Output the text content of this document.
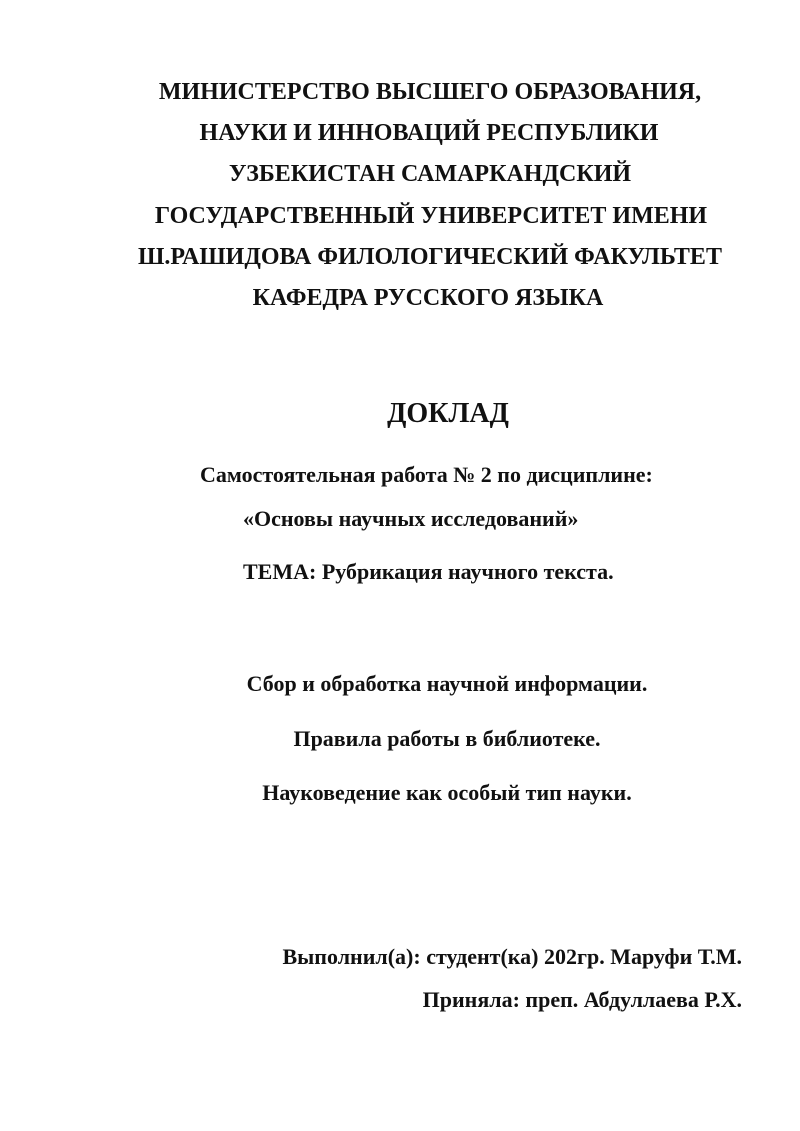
МИНИСТЕРСТВО ВЫСШЕГО ОБРАЗОВАНИЯ,
НАУКИ И ИННОВАЦИЙ РЕСПУБЛИКИ
УЗБЕКИСТАН САМАРКАНДСКИЙ
ГОСУДАРСТВЕННЫЙ УНИВЕРСИТЕТ ИМЕНИ
Ш.РАШИДОВА ФИЛОЛОГИЧЕСКИЙ ФАКУЛЬТЕТ
КАФЕДРА РУССКОГО ЯЗЫКА
ДОКЛАД
Самостоятельная работа № 2 по дисциплине:
«Основы научных исследований»
ТЕМА: Рубрикация научного текста.
Сбор и обработка научной информации.
Правила работы в библиотеке.
Науковедение как особый тип науки.
Выполнил(а): студент(ка) 202гр. Маруфи Т.М.
Приняла: преп. Абдуллаева Р.Х.
